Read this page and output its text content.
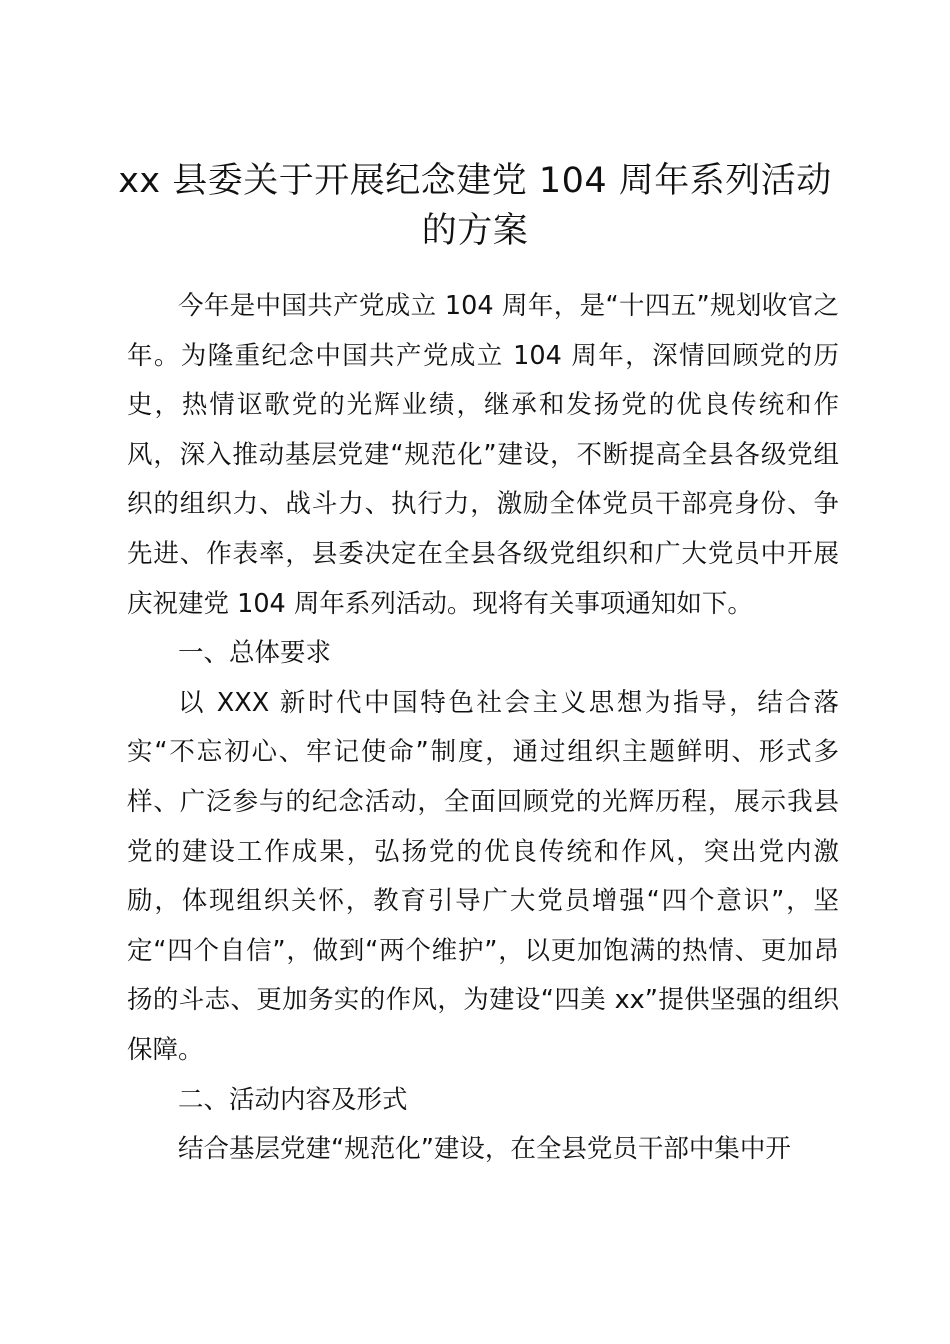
xx 县委关于开展纪念建党 104 周年系列活动
的方案

今年是中国共产党成立 104 周年，是“十四五”规划收官之年。为隆重纪念中国共产党成立 104 周年，深情回顾党的历史，热情讴歌党的光辉业绩，继承和发扬党的优良传统和作风，深入推动基层党建“规范化”建设，不断提高全县各级党组织的组织力、战斗力、执行力，激励全体党员干部亮身份、争先进、作表率，县委决定在全县各级党组织和广大党员中开展庆祝建党 104 周年系列活动。现将有关事项通知如下。

一、总体要求

以 XXX 新时代中国特色社会主义思想为指导，结合落实“不忘初心、牢记使命”制度，通过组织主题鲜明、形式多样、广泛参与的纪念活动，全面回顾党的光辉历程，展示我县党的建设工作成果，弘扬党的优良传统和作风，突出党内激励，体现组织关怀，教育引导广大党员增强“四个意识”，坚定“四个自信”，做到“两个维护”，以更加饱满的热情、更加昂扬的斗志、更加务实的作风，为建设“四美 xx”提供坚强的组织保障。

二、活动内容及形式

结合基层党建“规范化”建设，在全县党员干部中集中开
